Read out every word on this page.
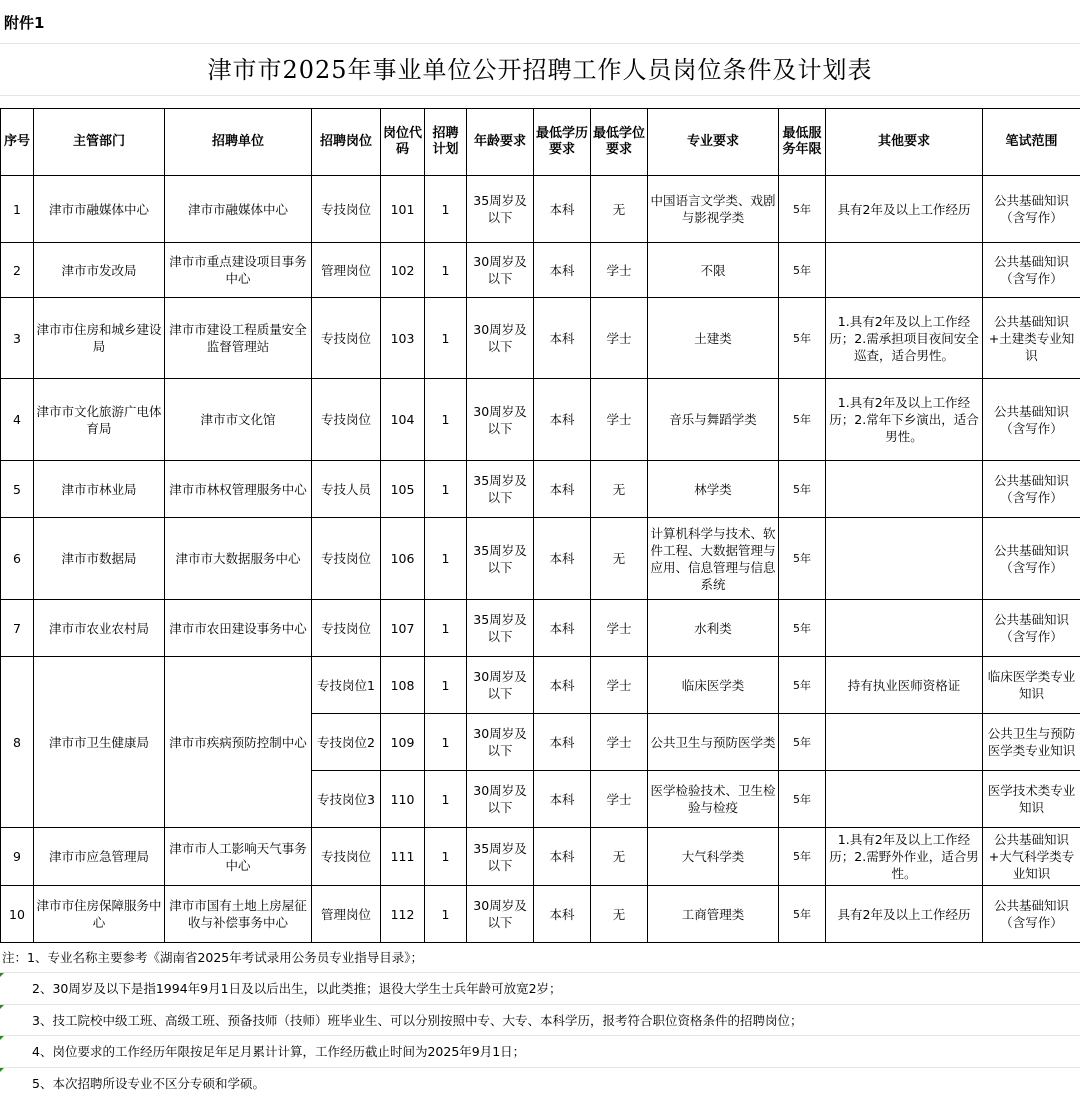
附件1
津市市2025年事业单位公开招聘工作人员岗位条件及计划表
序号	主管部门	招聘单位	招聘岗位	岗位代码	招聘计划	年龄要求	最低学历要求	最低学位要求	专业要求	最低服务年限	其他要求	笔试范围
1	津市市融媒体中心	津市市融媒体中心	专技岗位	101	1	35周岁及以下	本科	无	中国语言文学类、戏剧与影视学类	5年	具有2年及以上工作经历	公共基础知识（含写作）
2	津市市发改局	津市市重点建设项目事务中心	管理岗位	102	1	30周岁及以下	本科	学士	不限	5年		公共基础知识（含写作）
3	津市市住房和城乡建设局	津市市建设工程质量安全监督管理站	专技岗位	103	1	30周岁及以下	本科	学士	土建类	5年	1.具有2年及以上工作经历；2.需承担项目夜间安全巡查，适合男性。	公共基础知识+土建类专业知识
4	津市市文化旅游广电体育局	津市市文化馆	专技岗位	104	1	30周岁及以下	本科	学士	音乐与舞蹈学类	5年	1.具有2年及以上工作经历；2.常年下乡演出，适合男性。	公共基础知识（含写作）
5	津市市林业局	津市市林权管理服务中心	专技人员	105	1	35周岁及以下	本科	无	林学类	5年		公共基础知识（含写作）
6	津市市数据局	津市市大数据服务中心	专技岗位	106	1	35周岁及以下	本科	无	计算机科学与技术、软件工程、大数据管理与应用、信息管理与信息系统	5年		公共基础知识（含写作）
7	津市市农业农村局	津市市农田建设事务中心	专技岗位	107	1	35周岁及以下	本科	学士	水利类	5年		公共基础知识（含写作）
8	津市市卫生健康局	津市市疾病预防控制中心	专技岗位1	108	1	30周岁及以下	本科	学士	临床医学类	5年	持有执业医师资格证	临床医学类专业知识
			专技岗位2	109	1	30周岁及以下	本科	学士	公共卫生与预防医学类	5年		公共卫生与预防医学类专业知识
			专技岗位3	110	1	30周岁及以下	本科	学士	医学检验技术、卫生检验与检疫	5年		医学技术类专业知识
9	津市市应急管理局	津市市人工影响天气事务中心	专技岗位	111	1	35周岁及以下	本科	无	大气科学类	5年	1.具有2年及以上工作经历；2.需野外作业，适合男性。	公共基础知识+大气科学类专业知识
10	津市市住房保障服务中心	津市市国有土地上房屋征收与补偿事务中心	管理岗位	112	1	30周岁及以下	本科	无	工商管理类	5年	具有2年及以上工作经历	公共基础知识（含写作）
注：1、专业名称主要参考《湖南省2025年考试录用公务员专业指导目录》；
2、30周岁及以下是指1994年9月1日及以后出生，以此类推；退役大学生士兵年龄可放宽2岁；
3、技工院校中级工班、高级工班、预备技师（技师）班毕业生、可以分别按照中专、大专、本科学历，报考符合职位资格条件的招聘岗位；
4、岗位要求的工作经历年限按足年足月累计计算，工作经历截止时间为2025年9月1日；
5、本次招聘所设专业不区分专硕和学硕。
